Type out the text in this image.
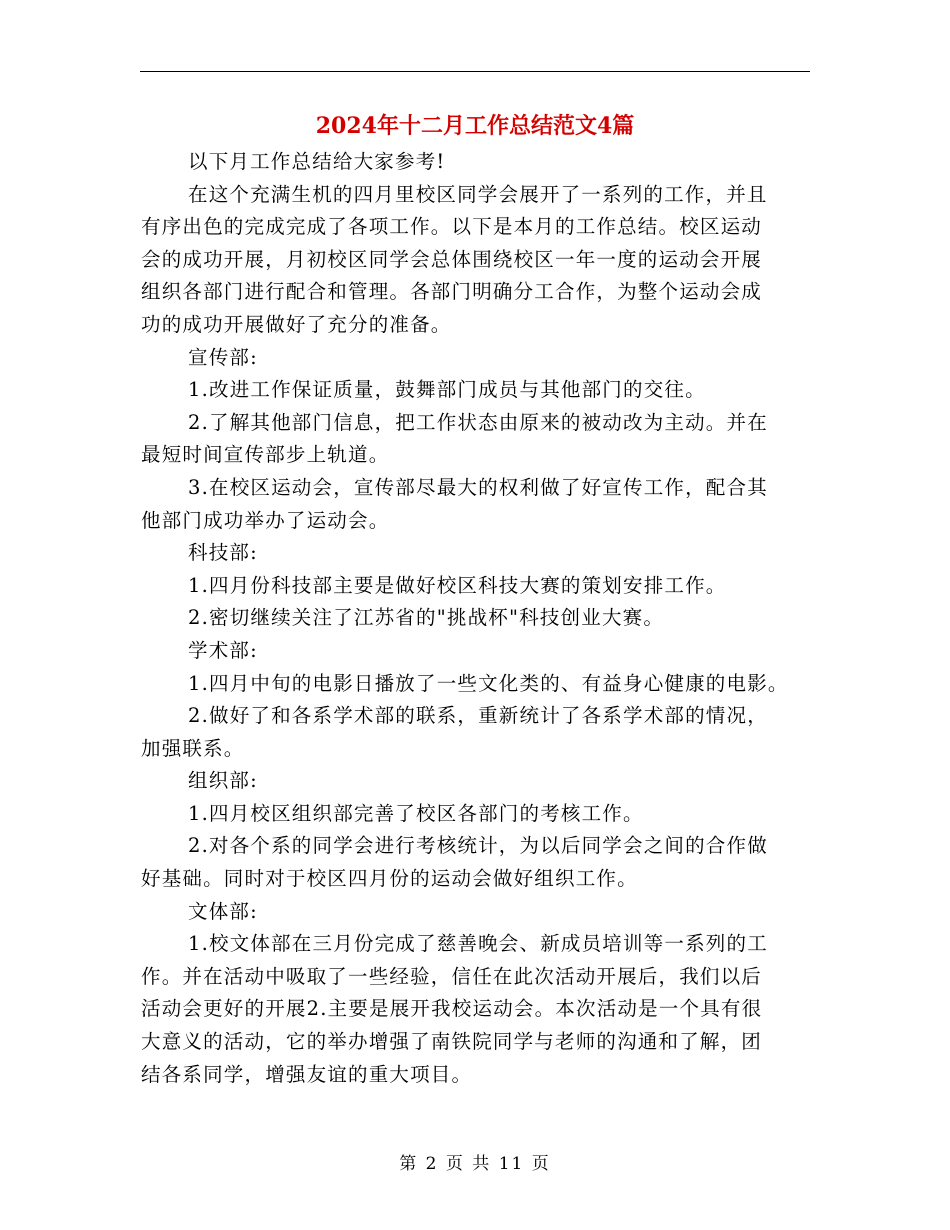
2024年十二月工作总结范文4篇
以下月工作总结给大家参考!
在这个充满生机的四月里校区同学会展开了一系列的工作，并且
有序出色的完成完成了各项工作。以下是本月的工作总结。校区运动
会的成功开展，月初校区同学会总体围绕校区一年一度的运动会开展
组织各部门进行配合和管理。各部门明确分工合作，为整个运动会成
功的成功开展做好了充分的准备。
宣传部:
1.改进工作保证质量，鼓舞部门成员与其他部门的交往。
2.了解其他部门信息，把工作状态由原来的被动改为主动。并在
最短时间宣传部步上轨道。
3.在校区运动会，宣传部尽最大的权利做了好宣传工作，配合其
他部门成功举办了运动会。
科技部:
1.四月份科技部主要是做好校区科技大赛的策划安排工作。
2.密切继续关注了江苏省的"挑战杯"科技创业大赛。
学术部:
1.四月中旬的电影日播放了一些文化类的、有益身心健康的电影。
2.做好了和各系学术部的联系，重新统计了各系学术部的情况，
加强联系。
组织部:
1.四月校区组织部完善了校区各部门的考核工作。
2.对各个系的同学会进行考核统计，为以后同学会之间的合作做
好基础。同时对于校区四月份的运动会做好组织工作。
文体部:
1.校文体部在三月份完成了慈善晚会、新成员培训等一系列的工
作。并在活动中吸取了一些经验，信任在此次活动开展后，我们以后
活动会更好的开展2.主要是展开我校运动会。本次活动是一个具有很
大意义的活动，它的举办增强了南铁院同学与老师的沟通和了解，团
结各系同学，增强友谊的重大项目。
第 2 页 共 11 页
